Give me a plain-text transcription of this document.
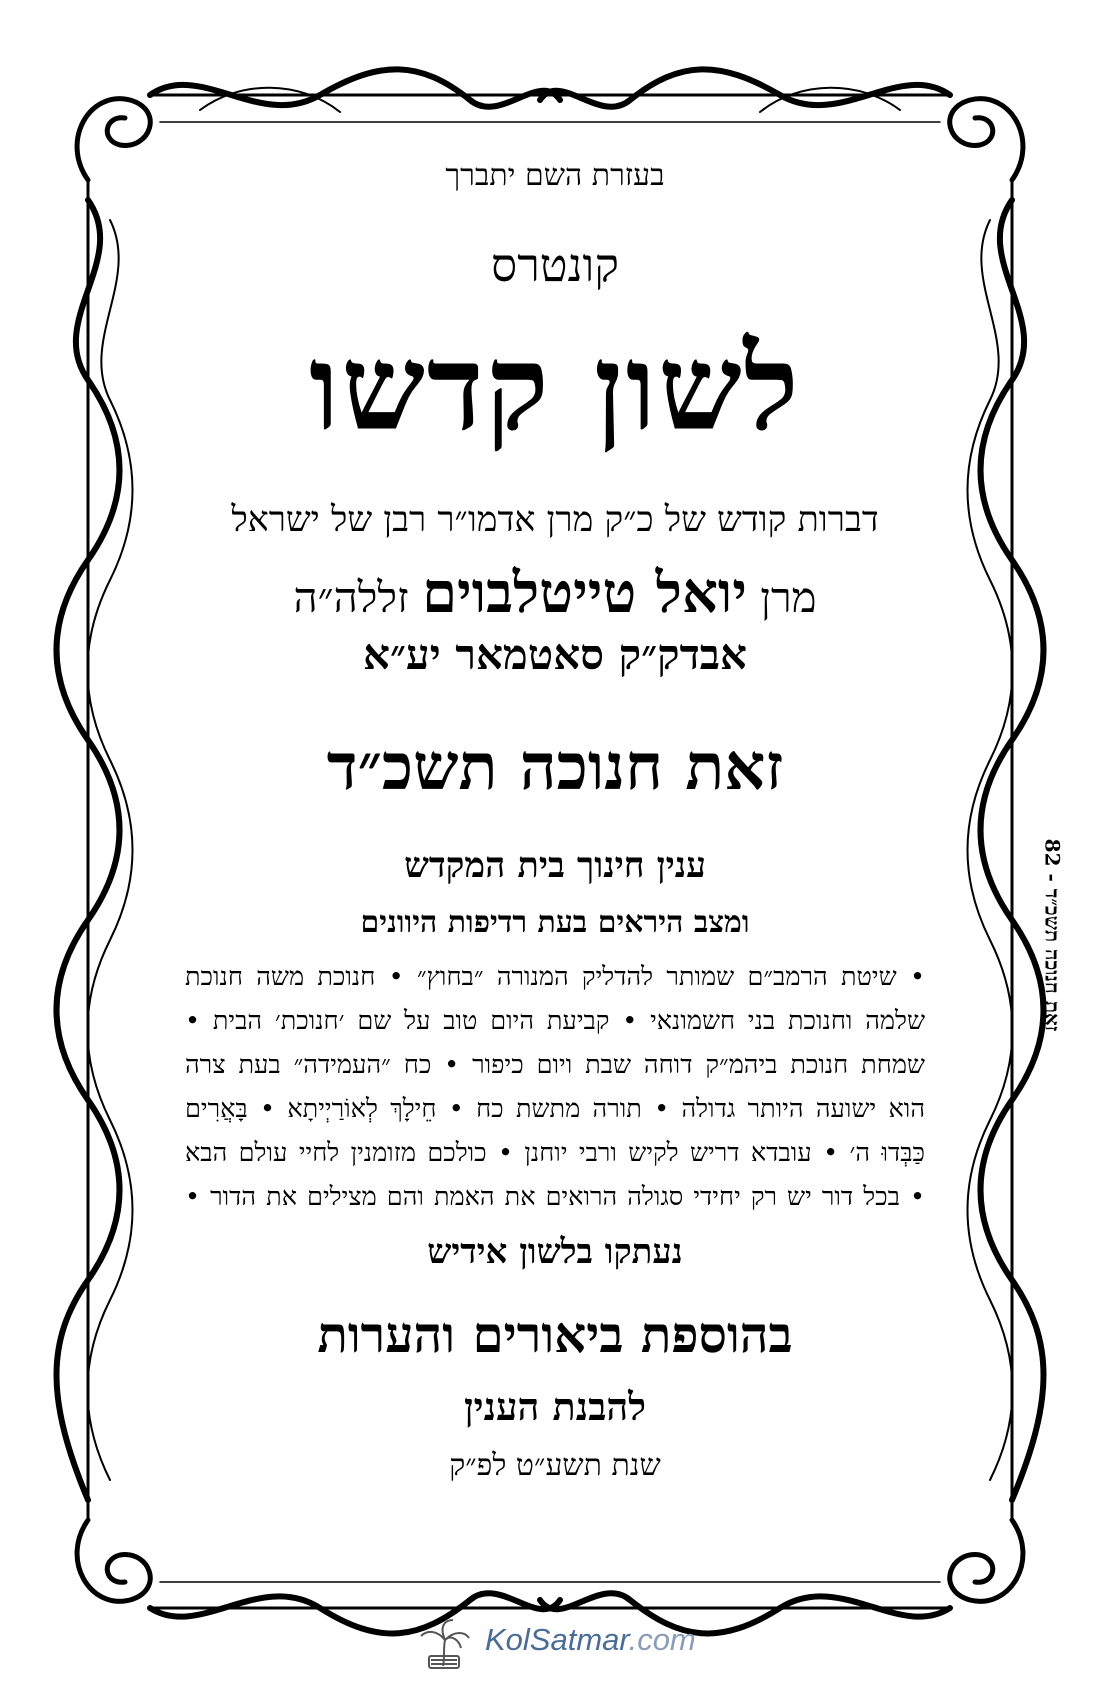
בעזרת השם יתברך
קונטרס
לשון קדשו
דברות קודש של כ״ק מרן אדמו״ר רבן של ישראל
מרן יואל טייטלבוים זללה״ה
אבדק״ק סאטמאר יע״א
זאת חנוכה תשכ״ד
ענין חינוך בית המקדש
ומצב היראים בעת רדיפות היוונים
• שיטת הרמב״ם שמותר להדליק המנורה ״בחוץ״ • חנוכת משה חנוכת
שלמה וחנוכת בני חשמונאי • קביעת היום טוב על שם ׳חנוכת׳ הבית •
שמחת חנוכת ביהמ״ק דוחה שבת ויום כיפור • כח ״העמידה״ בעת צרה
הוא ישועה היותר גדולה • תורה מתשת כח • חֵילָךְ לְאוֹרַיְיתָא • בָּאֲרִים
כַּבְּדוּ ה׳ • עובדא דריש לקיש ורבי יוחנן • כולכם מזומנין לחיי עולם הבא
• בכל דור יש רק יחידי סגולה הרואים את האמת והם מצילים את הדור •
נעתקו בלשון אידיש
בהוספת ביאורים והערות
להבנת הענין
שנת תשע״ט לפ״ק
זאת חנוכה תשכ״ד - 82
KolSatmar.com
